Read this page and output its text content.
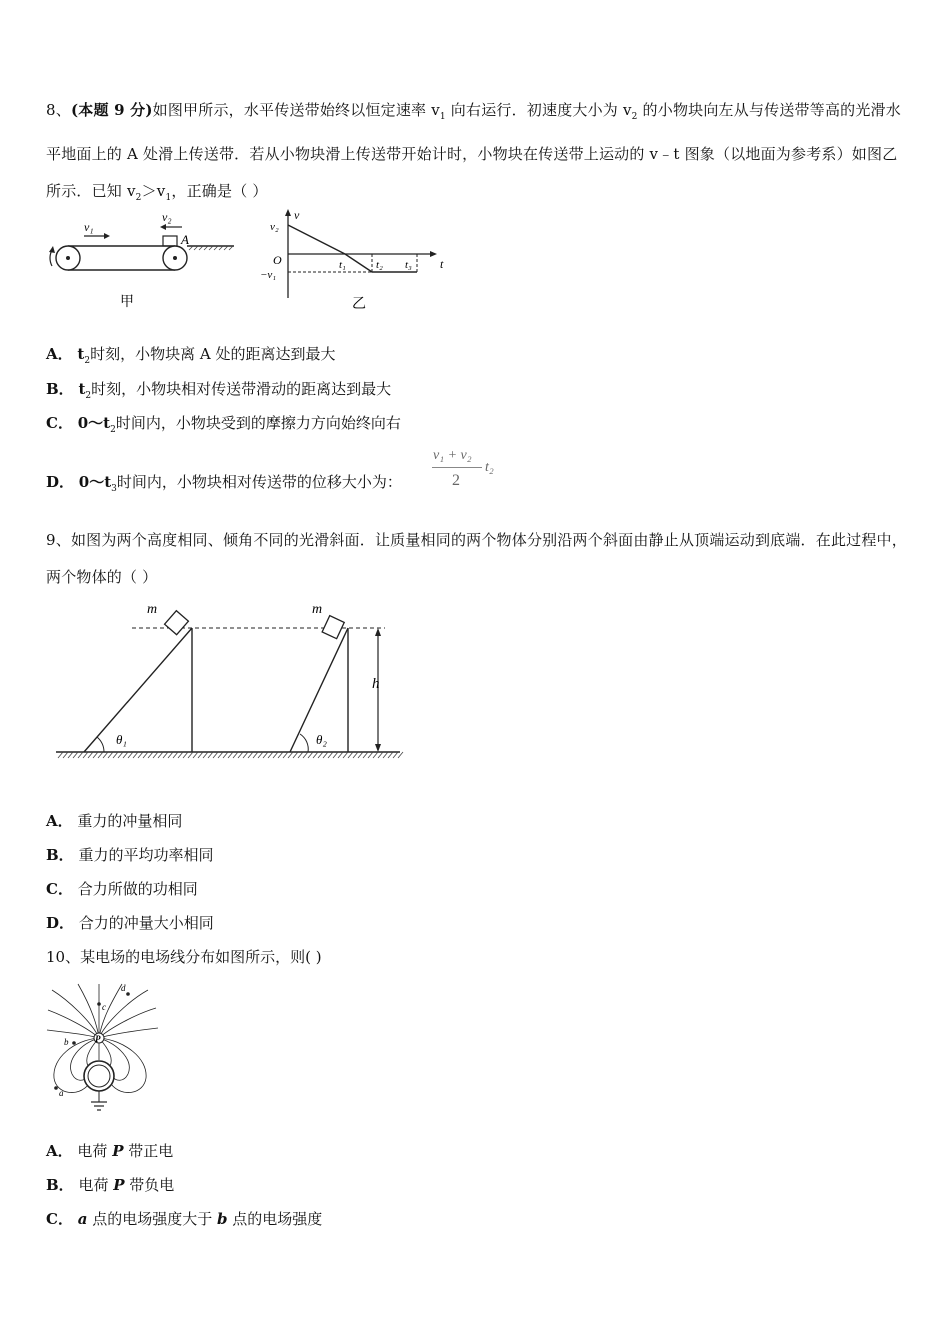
8、(本题 9 分)如图甲所示，水平传送带始终以恒定速率 $v_1$ 向右运行．初速度大小为 $v_2$ 的小物块向左从与传送带等高的光滑水平地面上的 A 处滑上传送带．若从小物块滑上传送带开始计时，小物块在传送带上运动的 v﹣t 图象（以地面为参考系）如图乙所示．已知 $v_2>v_1$，正确是（ ）
v₁
v₂
A
甲
v
t
v₂
O
−v₁
t₁	t₂ t₃
乙
A． $t_2$时刻，小物块离 A 处的距离达到最大
B． $t_2$时刻，小物块相对传送带滑动的距离达到最大
C． $0\sim t_2$时间内，小物块受到的摩擦力方向始终向右
D． $0\sim t_3$时间内，小物块相对传送带的位移大小为：
v₁ + v₂
2
t₂
9、如图为两个高度相同、倾角不同的光滑斜面．让质量相同的两个物体分别沿两个斜面由静止从顶端运动到底端．在此过程中，两个物体的（ ）
m
θ₁
m
θ₂
h
A． 重力的冲量相同
B． 重力的平均功率相同
C． 合力所做的功相同
D． 合力的冲量大小相同
10、某电场的电场线分布如图所示，则( )
P
c
d
b
a
A． 电荷 P 带正电
B． 电荷 P 带负电
C． a 点的电场强度大于 b 点的电场强度
